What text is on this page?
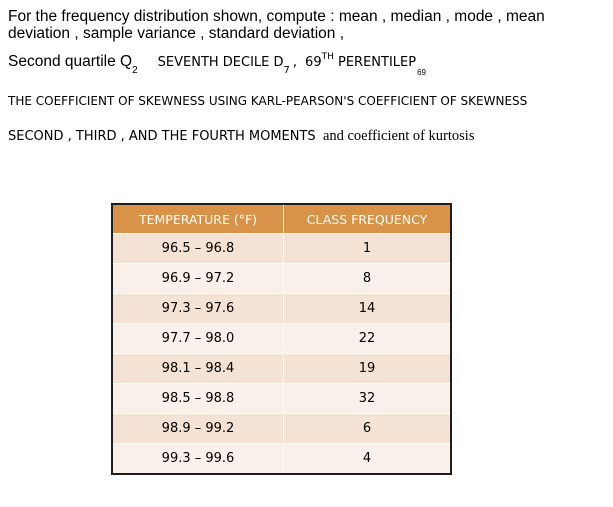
For the frequency distribution shown, compute : mean , median , mode , mean
deviation , sample variance , standard deviation ,
Second quartile $Q_2$ SEVENTH DECILE $D_7$, 69TH $PERENTILEP_{69}$
THE COEFFICIENT OF SKEWNESS USING KARL-PEARSON'S COEFFICIENT OF SKEWNESS
SECOND , THIRD , AND THE FOURTH MOMENTS and coefficient of kurtosis
TEMPERATURE (°F)	CLASS FREQUENCY
96.5 – 96.8	1
96.9 – 97.2	8
97.3 – 97.6	14
97.7 – 98.0	22
98.1 – 98.4	19
98.5 – 98.8	32
98.9 – 99.2	6
99.3 – 99.6	4
